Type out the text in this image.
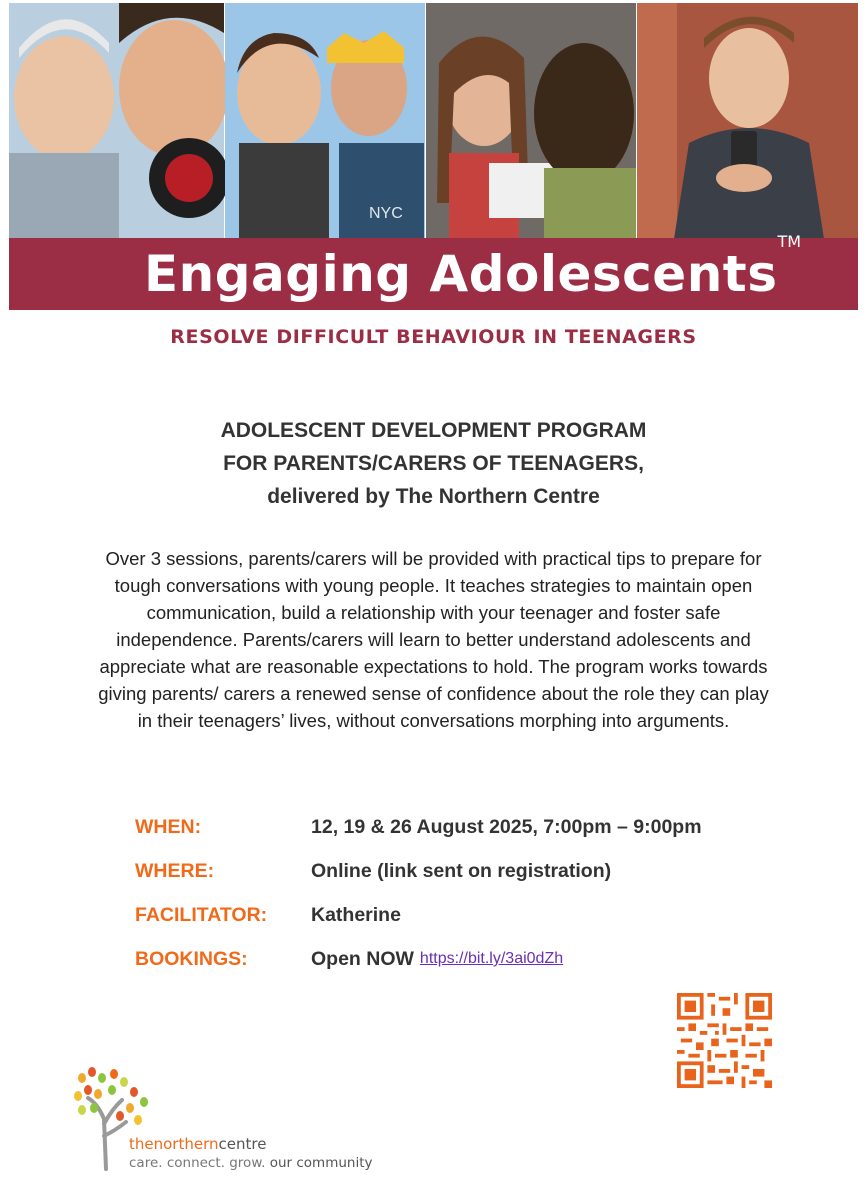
NYC
Engaging AdolescentsTM
RESOLVE DIFFICULT BEHAVIOUR IN TEENAGERS
ADOLESCENT DEVELOPMENT PROGRAM
FOR PARENTS/CARERS OF TEENAGERS,
delivered by The Northern Centre
Over 3 sessions, parents/carers will be provided with practical tips to prepare for tough conversations with young people. It teaches strategies to maintain open communication, build a relationship with your teenager and foster safe independence. Parents/carers will learn to better understand adolescents and appreciate what are reasonable expectations to hold. The program works towards giving parents/ carers a renewed sense of confidence about the role they can play in their teenagers’ lives, without conversations morphing into arguments.
WHEN:	12, 19 & 26 August 2025, 7:00pm – 9:00pm
WHERE:	Online (link sent on registration)
FACILITATOR:	Katherine
BOOKINGS:	Open NOW https://bit.ly/3ai0dZh
thenortherncentre
care. connect. grow. our community
